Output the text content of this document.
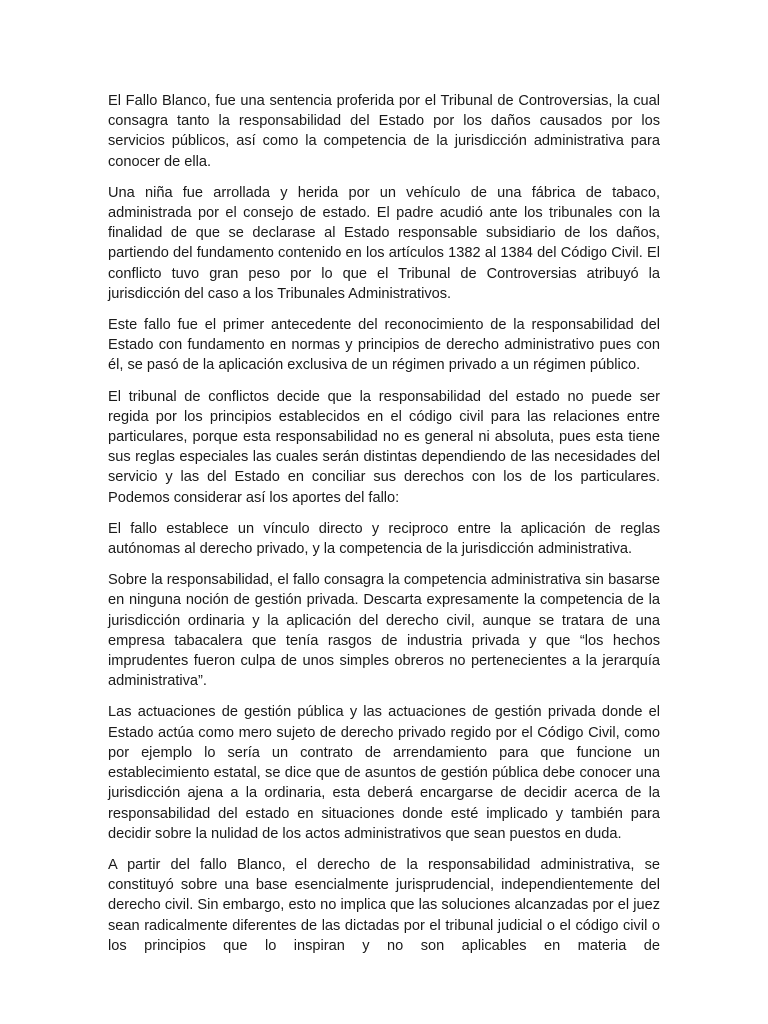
El Fallo Blanco, fue una sentencia proferida por el Tribunal de Controversias, la cual consagra tanto la responsabilidad del Estado por los daños causados por los servicios públicos, así como la competencia de la jurisdicción administrativa para conocer de ella.

Una niña fue arrollada y herida por un vehículo de una fábrica de tabaco, administrada por el consejo de estado. El padre acudió ante los tribunales con la finalidad de que se declarase al Estado responsable subsidiario de los daños, partiendo del fundamento contenido en los artículos 1382 al 1384 del Código Civil. El conflicto tuvo gran peso por lo que el Tribunal de Controversias atribuyó la jurisdicción del caso a los Tribunales Administrativos.

Este fallo fue el primer antecedente del reconocimiento de la responsabilidad del Estado con fundamento en normas y principios de derecho administrativo pues con él, se pasó de la aplicación exclusiva de un régimen privado a un régimen público.

El tribunal de conflictos decide que la responsabilidad del estado no puede ser regida por los principios establecidos en el código civil para las relaciones entre particulares, porque esta responsabilidad no es general ni absoluta, pues esta tiene sus reglas especiales las cuales serán distintas dependiendo de las necesidades del servicio y las del Estado en conciliar sus derechos con los de los particulares. Podemos considerar así los aportes del fallo:

El fallo establece un vínculo directo y reciproco entre la aplicación de reglas autónomas al derecho privado, y la competencia de la jurisdicción administrativa.

Sobre la responsabilidad, el fallo consagra la competencia administrativa sin basarse en ninguna noción de gestión privada. Descarta expresamente la competencia de la jurisdicción ordinaria y la aplicación del derecho civil, aunque se tratara de una empresa tabacalera que tenía rasgos de industria privada y que “los hechos imprudentes fueron culpa de unos simples obreros no pertenecientes a la jerarquía administrativa”.

Las actuaciones de gestión pública y las actuaciones de gestión privada donde el Estado actúa como mero sujeto de derecho privado regido por el Código Civil, como por ejemplo lo sería un contrato de arrendamiento para que funcione un establecimiento estatal, se dice que de asuntos de gestión pública debe conocer una jurisdicción ajena a la ordinaria, esta deberá encargarse de decidir acerca de la responsabilidad del estado en situaciones donde esté implicado y también para decidir sobre la nulidad de los actos administrativos que sean puestos en duda.

A partir del fallo Blanco, el derecho de la responsabilidad administrativa, se constituyó sobre una base esencialmente jurisprudencial, independientemente del derecho civil. Sin embargo, esto no implica que las soluciones alcanzadas por el juez sean radicalmente diferentes de las dictadas por el tribunal judicial o el código civil o los principios que lo inspiran y no son aplicables en materia de
